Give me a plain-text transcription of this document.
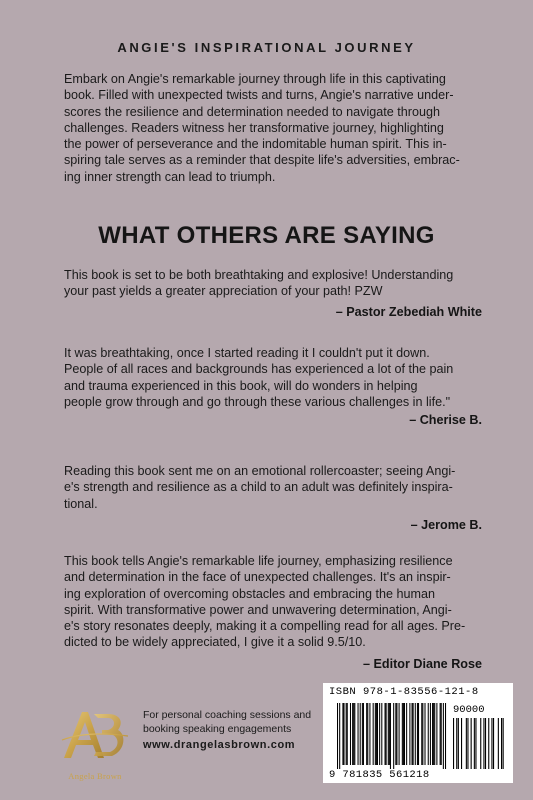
ANGIE'S INSPIRATIONAL JOURNEY
Embark on Angie's remarkable journey through life in this captivating
book. Filled with unexpected twists and turns, Angie's narrative under-
scores the resilience and determination needed to navigate through
challenges. Readers witness her transformative journey, highlighting
the power of perseverance and the indomitable human spirit. This in-
spiring tale serves as a reminder that despite life's adversities, embrac-
ing inner strength can lead to triumph.
WHAT OTHERS ARE SAYING
This book is set to be both breathtaking and explosive! Understanding
your past yields a greater appreciation of your path! PZW
– Pastor Zebediah White
It was breathtaking, once I started reading it I couldn't put it down.
People of all races and backgrounds has experienced a lot of the pain
and trauma experienced in this book, will do wonders in helping
people grow through and go through these various challenges in life."
– Cherise B.
Reading this book sent me on an emotional rollercoaster; seeing Angi-
e's strength and resilience as a child to an adult was definitely inspira-
tional.
– Jerome B.
This book tells Angie's remarkable life journey, emphasizing resilience
and determination in the face of unexpected challenges. It's an inspir-
ing exploration of overcoming obstacles and embracing the human
spirit. With transformative power and unwavering determination, Angi-
e's story resonates deeply, making it a compelling read for all ages. Pre-
dicted to be widely appreciated, I give it a solid 9.5/10.
– Editor Diane Rose
Angela Brown
For personal coaching sessions and
booking speaking engagements
www.drangelasbrown.com
ISBN 978-1-83556-121-8
90000
9 781835 561218
